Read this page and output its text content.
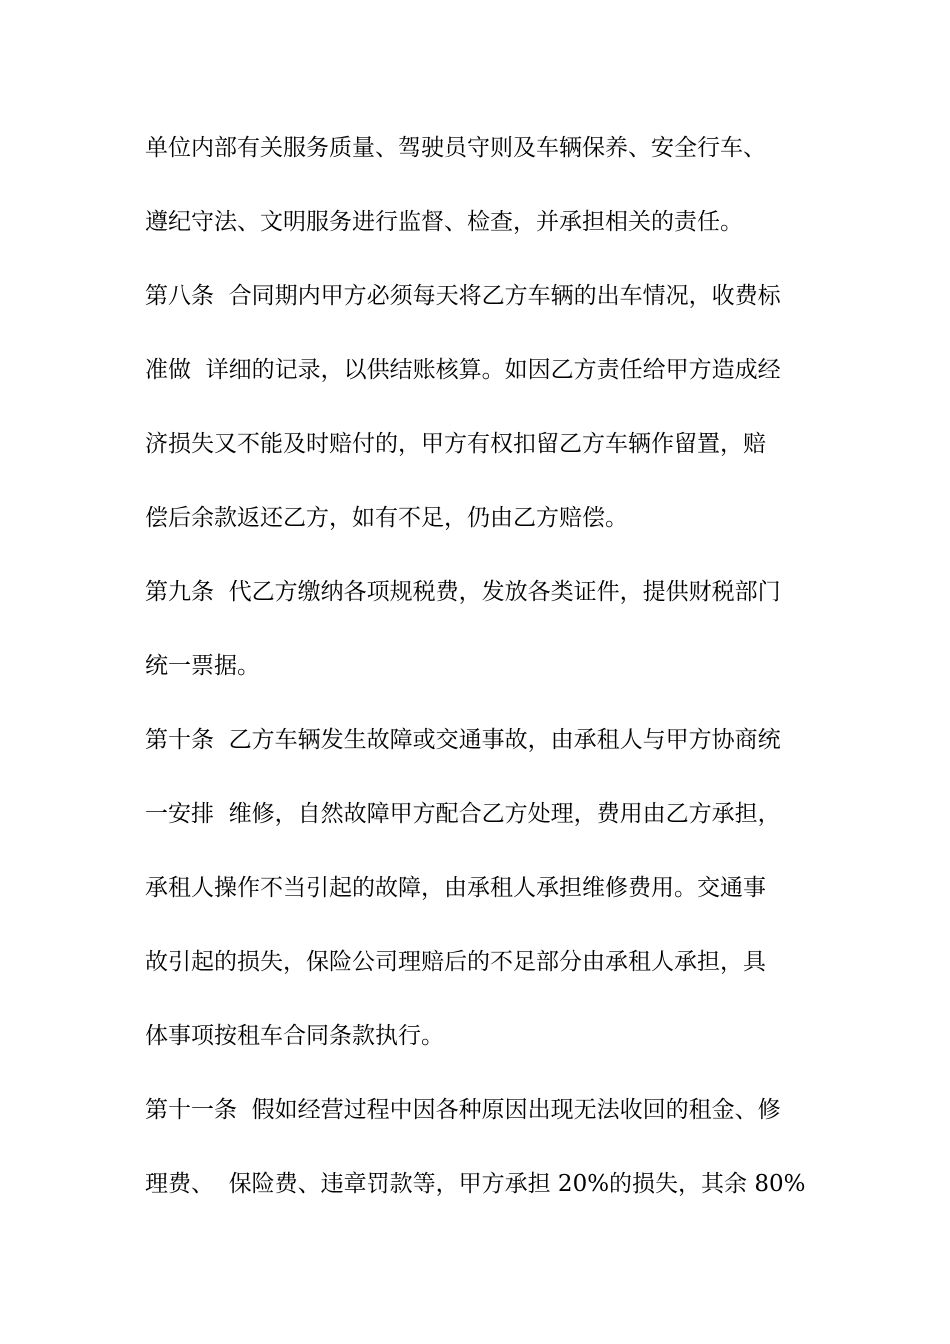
单位内部有关服务质量、驾驶员守则及车辆保养、安全行车、
遵纪守法、文明服务进行监督、检查，并承担相关的责任。
第八条  合同期内甲方必须每天将乙方车辆的出车情况，收费标
准做  详细的记录，以供结账核算。如因乙方责任给甲方造成经
济损失又不能及时赔付的，甲方有权扣留乙方车辆作留置，赔
偿后余款返还乙方，如有不足，仍由乙方赔偿。
第九条  代乙方缴纳各项规税费，发放各类证件，提供财税部门
统一票据。
第十条  乙方车辆发生故障或交通事故，由承租人与甲方协商统
一安排  维修，自然故障甲方配合乙方处理，费用由乙方承担，
承租人操作不当引起的故障，由承租人承担维修费用。交通事
故引起的损失，保险公司理赔后的不足部分由承租人承担，具
体事项按租车合同条款执行。
第十一条  假如经营过程中因各种原因出现无法收回的租金、修
理费、  保险费、违章罚款等，甲方承担 20%的损失，其余 80%
